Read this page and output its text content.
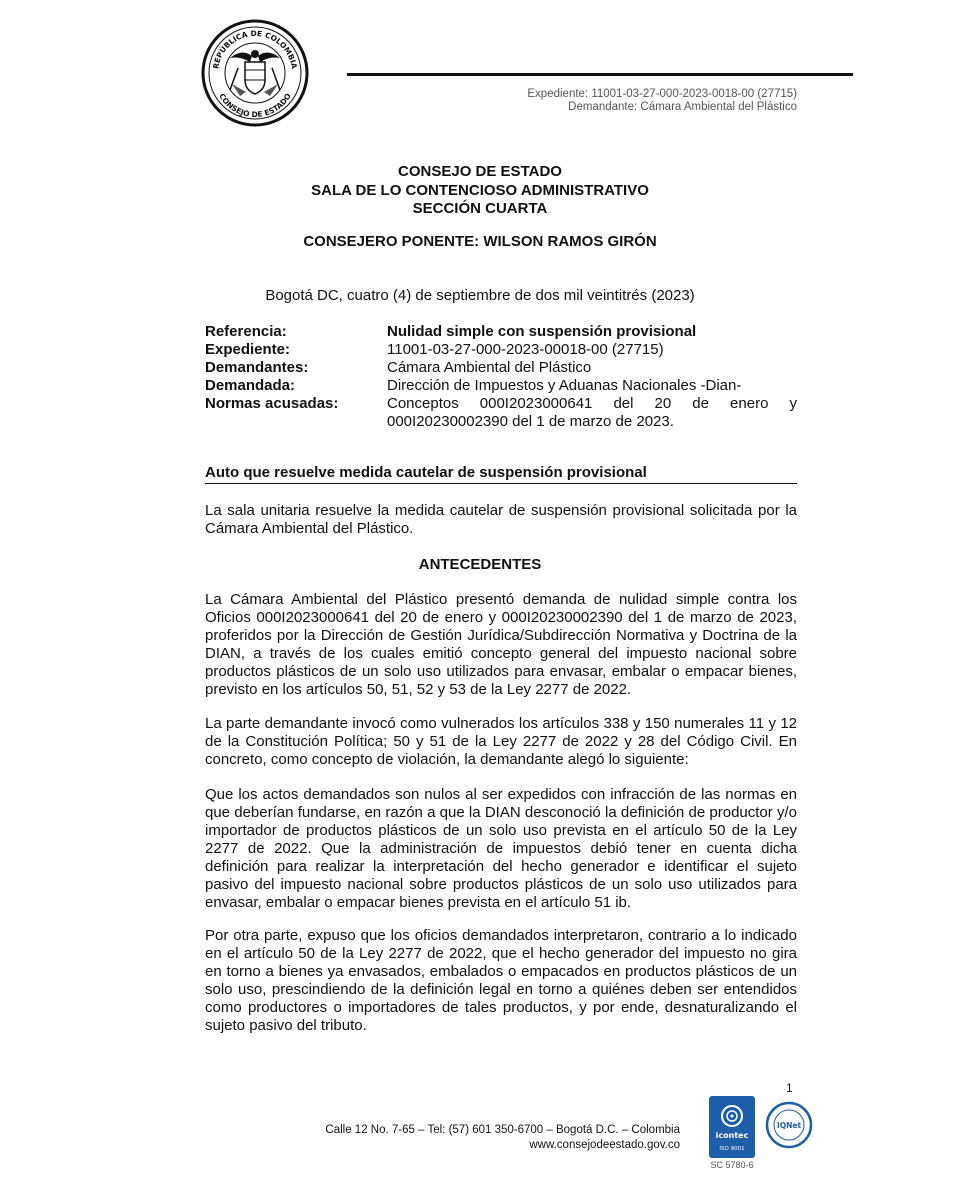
REPÚBLICA DE COLOMBIA
CONSEJO DE ESTADO	Expediente: 11001-03-27-000-2023-0018-00 (27715)
Demandante: Cámara Ambiental del Plástico
CONSEJO DE ESTADO
SALA DE LO CONTENCIOSO ADMINISTRATIVO
SECCIÓN CUARTA
CONSEJERO PONENTE: WILSON RAMOS GIRÓN
Bogotá DC, cuatro (4) de septiembre de dos mil veintitrés (2023)
Referencia:	Nulidad simple con suspensión provisional
Expediente:	11001-03-27-000-2023-00018-00 (27715)
Demandantes:	Cámara Ambiental del Plástico
Demandada:	Dirección de Impuestos y Aduanas Nacionales -Dian-
Normas acusadas:	Conceptos 000I2023000641 del 20 de enero y 000I20230002390 del 1 de marzo de 2023.
Auto que resuelve medida cautelar de suspensión provisional

La sala unitaria resuelve la medida cautelar de suspensión provisional solicitada por la Cámara Ambiental del Plástico.

ANTECEDENTES

La Cámara Ambiental del Plástico presentó demanda de nulidad simple contra los Oficios 000I2023000641 del 20 de enero y 000I20230002390 del 1 de marzo de 2023, proferidos por la Dirección de Gestión Jurídica/Subdirección Normativa y Doctrina de la DIAN, a través de los cuales emitió concepto general del impuesto nacional sobre productos plásticos de un solo uso utilizados para envasar, embalar o empacar bienes, previsto en los artículos 50, 51, 52 y 53 de la Ley 2277 de 2022.

La parte demandante invocó como vulnerados los artículos 338 y 150 numerales 11 y 12 de la Constitución Política; 50 y 51 de la Ley 2277 de 2022 y 28 del Código Civil. En concreto, como concepto de violación, la demandante alegó lo siguiente:

Que los actos demandados son nulos al ser expedidos con infracción de las normas en que deberían fundarse, en razón a que la DIAN desconoció la definición de productor y/o importador de productos plásticos de un solo uso prevista en el artículo 50 de la Ley 2277 de 2022. Que la administración de impuestos debió tener en cuenta dicha definición para realizar la interpretación del hecho generador e identificar el sujeto pasivo del impuesto nacional sobre productos plásticos de un solo uso utilizados para envasar, embalar o empacar bienes prevista en el artículo 51 ib.

Por otra parte, expuso que los oficios demandados interpretaron, contrario a lo indicado en el artículo 50 de la Ley 2277 de 2022, que el hecho generador del impuesto no gira en torno a bienes ya envasados, embalados o empacados en productos plásticos de un solo uso, prescindiendo de la definición legal en torno a quiénes deben ser entendidos como productores o importadores de tales productos, y por ende, desnaturalizando el sujeto pasivo del tributo.

1
Calle 12 No. 7-65 – Tel: (57) 601 350-6700 – Bogotá D.C. – Colombia
www.consejodeestado.gov.co
icontec
ISO 9001
SC 5780-6
IQNet
